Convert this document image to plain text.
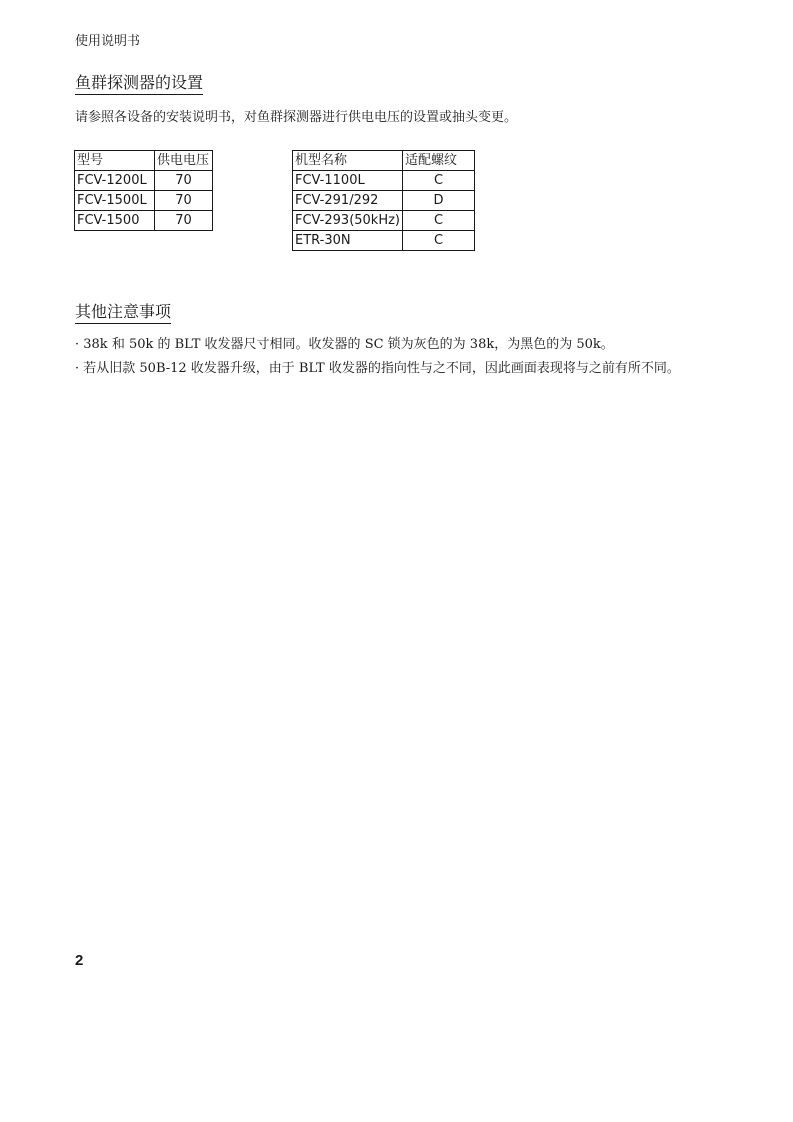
使用说明书
鱼群探测器的设置
请参照各设备的安装说明书，对鱼群探测器进行供电电压的设置或抽头变更。
型号	供电电压
FCV-1200L	70
FCV-1500L	70
FCV-1500	70
机型名称	适配螺纹
FCV-1100L	C
FCV-291/292	D
FCV-293(50kHz)	C
ETR-30N	C
其他注意事项
· 38k 和 50k 的 BLT 收发器尺寸相同。收发器的 SC 锁为灰色的为 38k，为黑色的为 50k。
· 若从旧款 50B-12 收发器升级，由于 BLT 收发器的指向性与之不同，因此画面表现将与之前有所不同。
2
